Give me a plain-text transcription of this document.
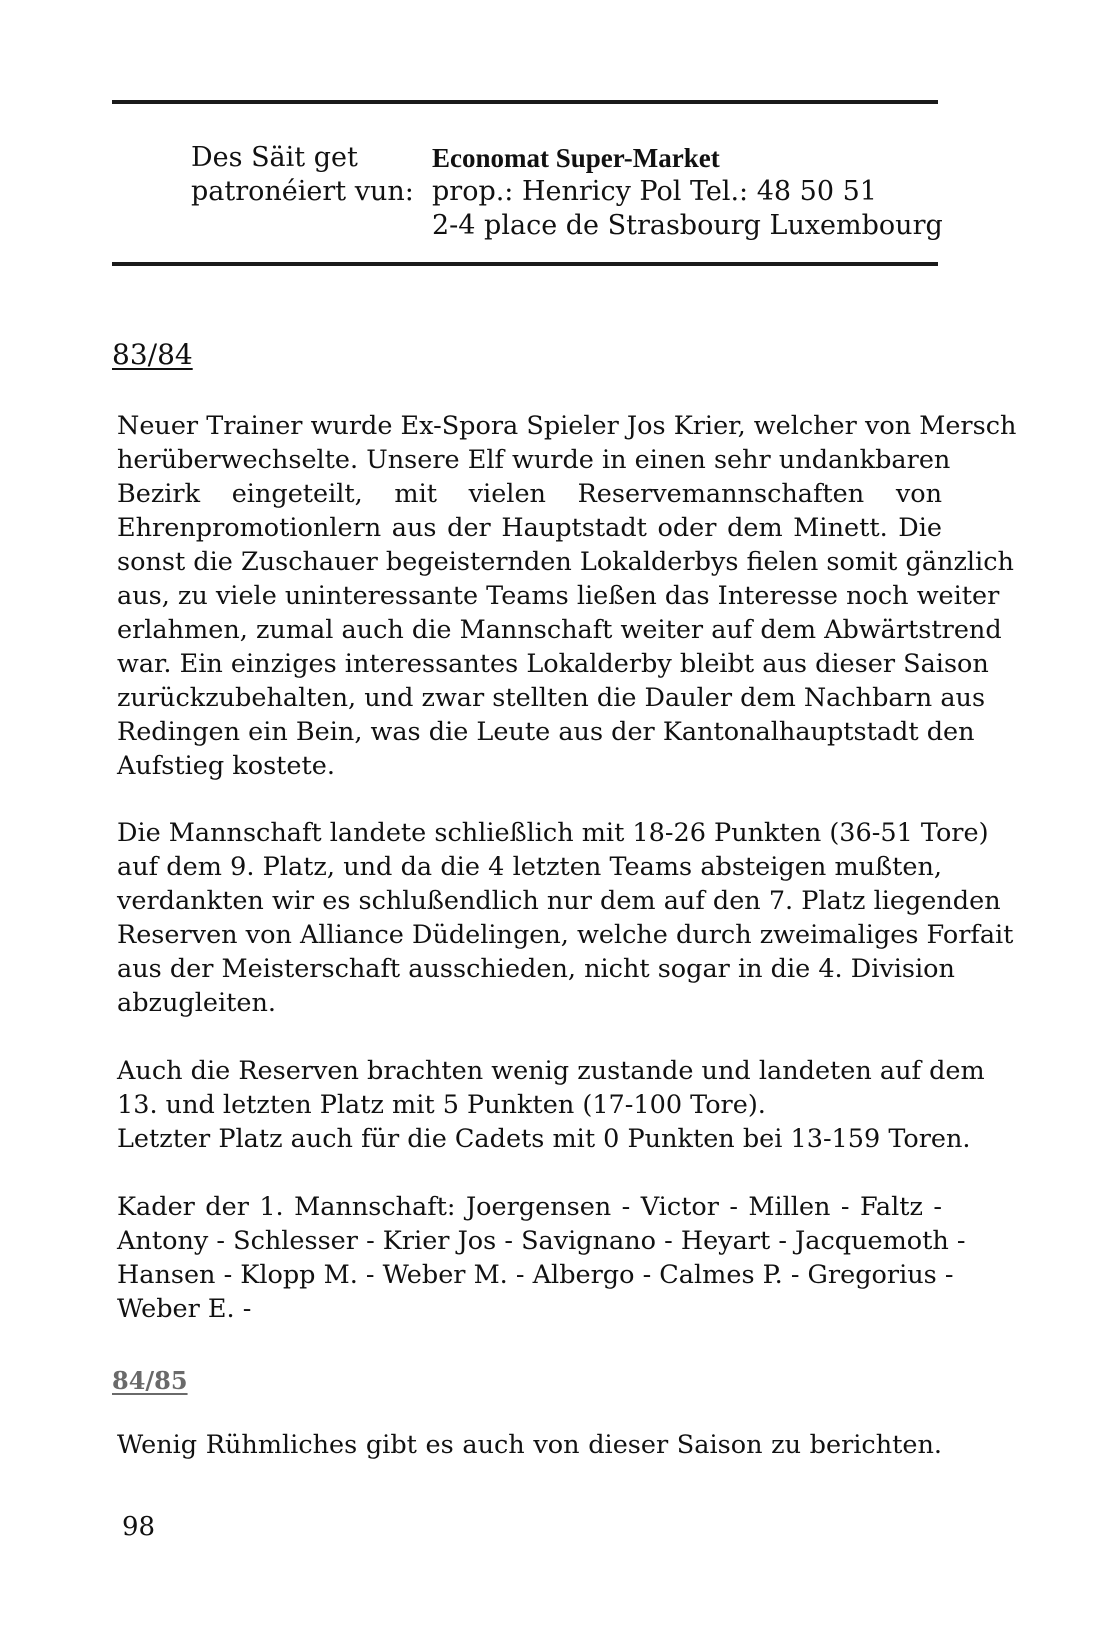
Des Säit get
patronéiert vun:
Economat Super-Market
prop.: Henricy Pol Tel.: 48 50 51
2-4 place de Strasbourg Luxembourg
83/84
Neuer Trainer wurde Ex-Spora Spieler Jos Krier, welcher von Mersch
herüberwechselte. Unsere Elf wurde in einen sehr undankbaren
Bezirk eingeteilt, mit vielen Reservemannschaften von
Ehrenpromotionlern aus der Hauptstadt oder dem Minett. Die
sonst die Zuschauer begeisternden Lokalderbys fielen somit gänzlich
aus, zu viele uninteressante Teams ließen das Interesse noch weiter
erlahmen, zumal auch die Mannschaft weiter auf dem Abwärtstrend
war. Ein einziges interessantes Lokalderby bleibt aus dieser Saison
zurückzubehalten, und zwar stellten die Dauler dem Nachbarn aus
Redingen ein Bein, was die Leute aus der Kantonalhauptstadt den
Aufstieg kostete.
Die Mannschaft landete schließlich mit 18-26 Punkten (36-51 Tore)
auf dem 9. Platz, und da die 4 letzten Teams absteigen mußten,
verdankten wir es schlußendlich nur dem auf den 7. Platz liegenden
Reserven von Alliance Düdelingen, welche durch zweimaliges Forfait
aus der Meisterschaft ausschieden, nicht sogar in die 4. Division
abzugleiten.
Auch die Reserven brachten wenig zustande und landeten auf dem
13. und letzten Platz mit 5 Punkten (17-100 Tore).
Letzter Platz auch für die Cadets mit 0 Punkten bei 13-159 Toren.
Kader der 1. Mannschaft: Joergensen - Victor - Millen - Faltz -
Antony - Schlesser - Krier Jos - Savignano - Heyart - Jacquemoth -
Hansen - Klopp M. - Weber M. - Albergo - Calmes P. - Gregorius -
Weber E. -
84/85
Wenig Rühmliches gibt es auch von dieser Saison zu berichten.
98
